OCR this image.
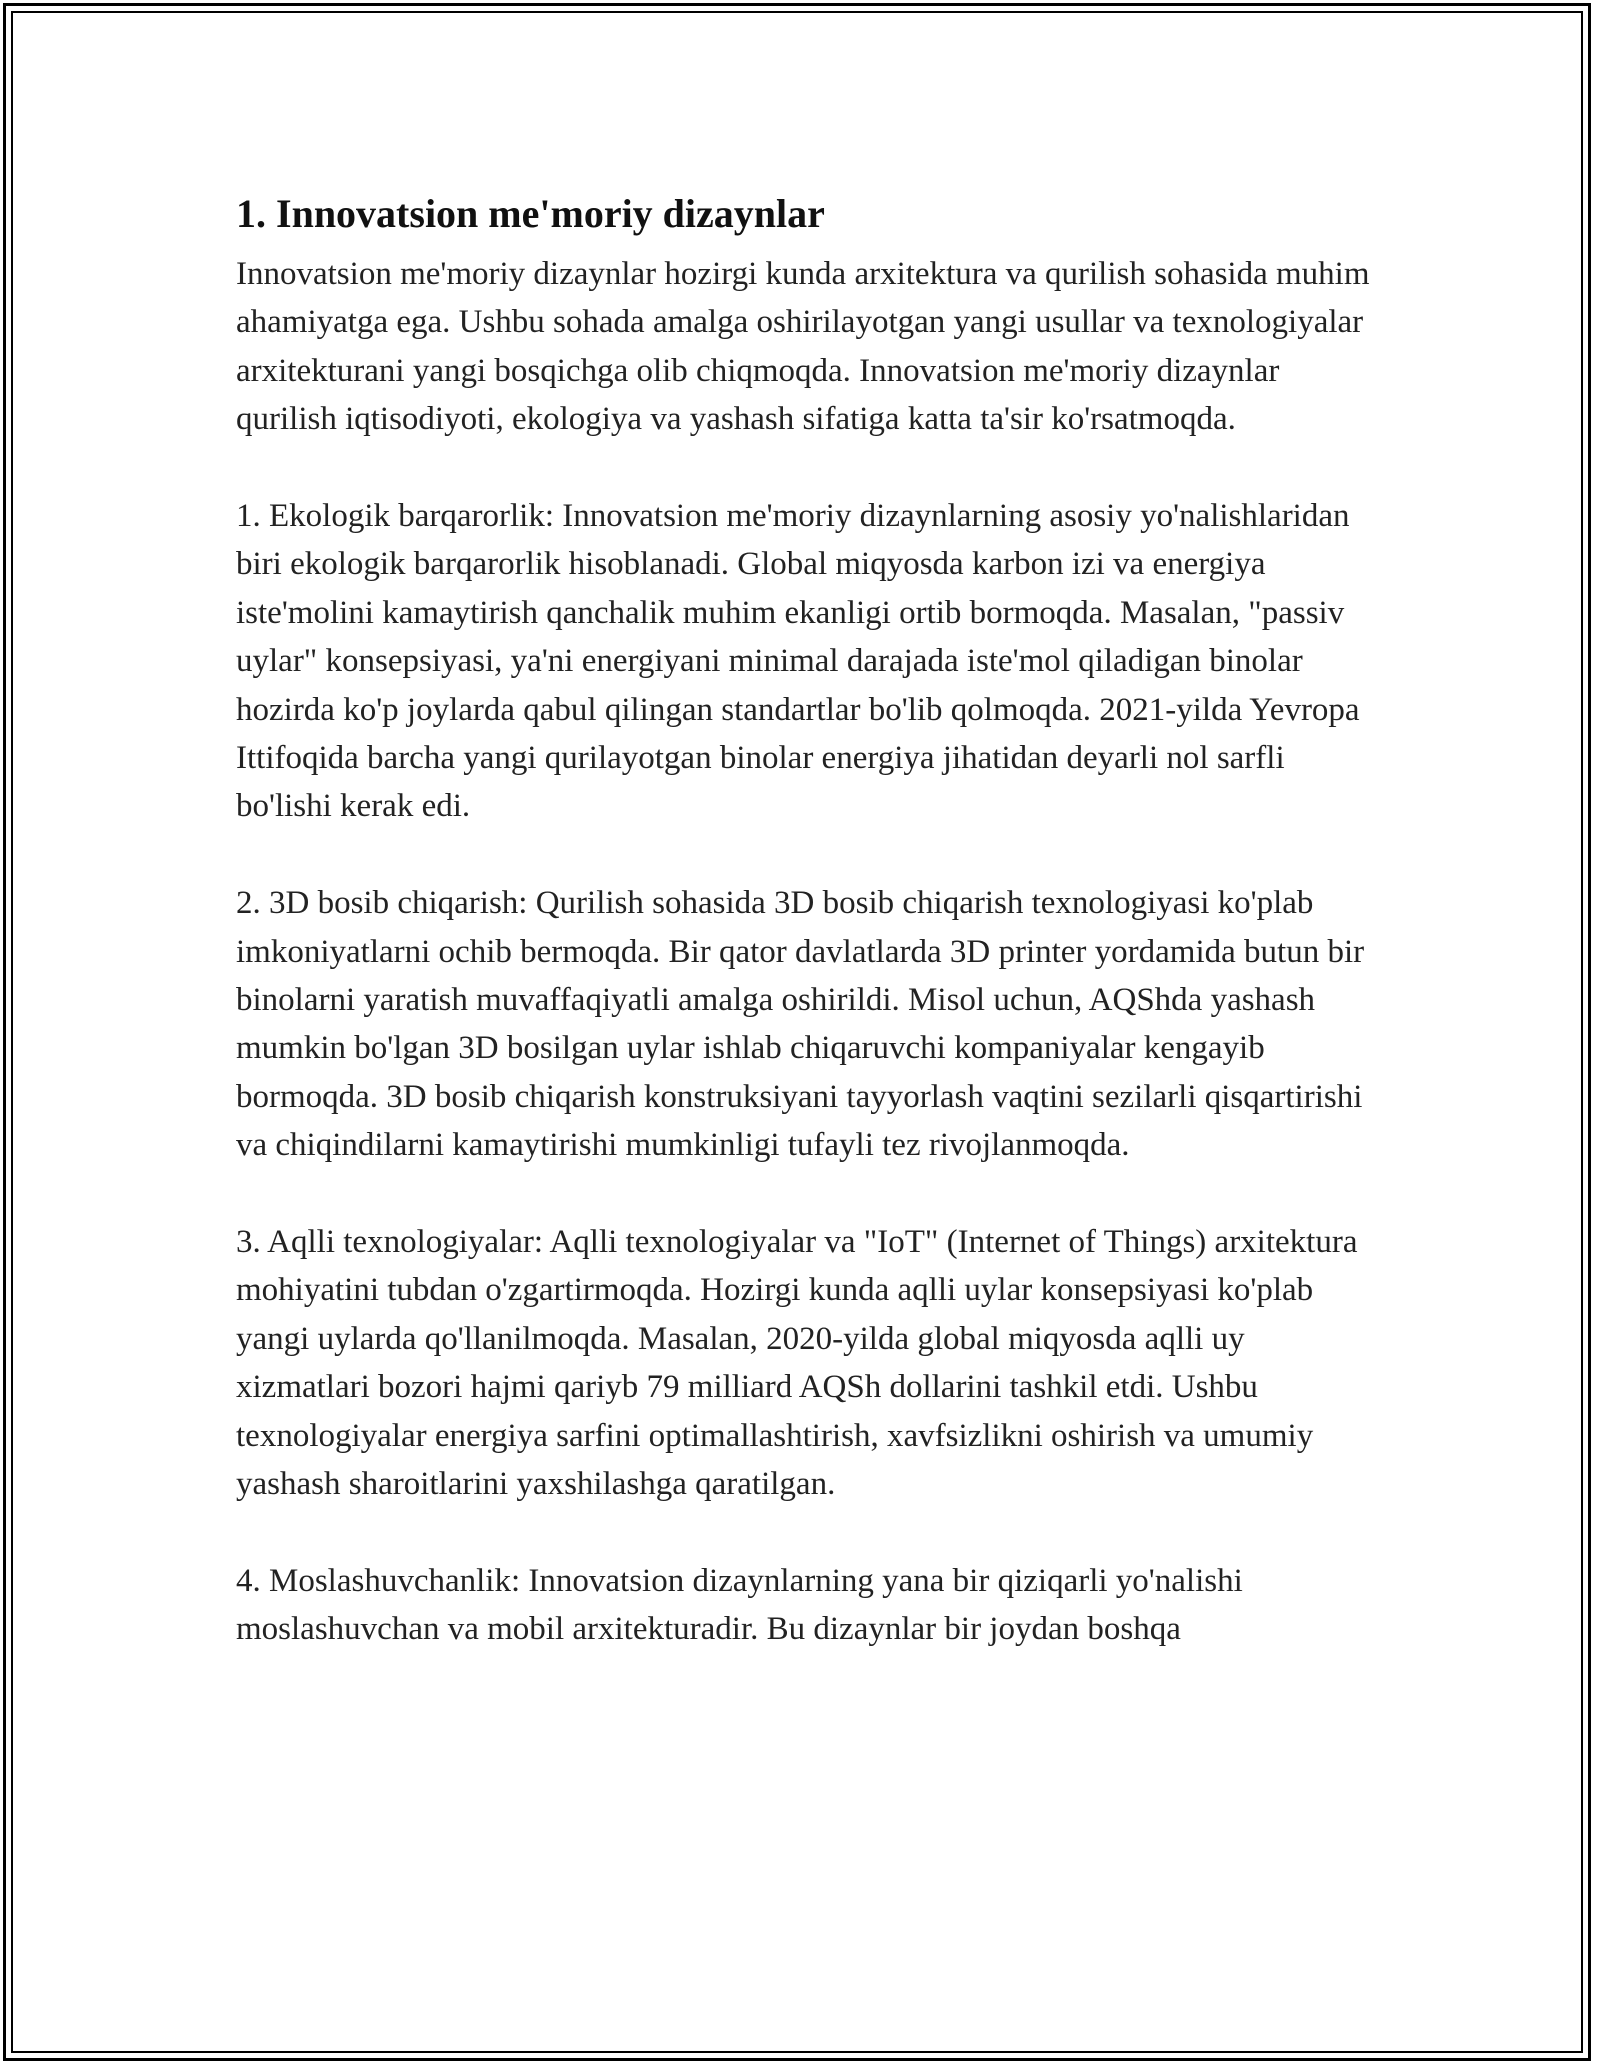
1. Innovatsion me'moriy dizaynlar

Innovatsion me'moriy dizaynlar hozirgi kunda arxitektura va qurilish sohasida muhim ahamiyatga ega. Ushbu sohada amalga oshirilayotgan yangi usullar va texnologiyalar arxitekturani yangi bosqichga olib chiqmoqda. Innovatsion me'moriy dizaynlar qurilish iqtisodiyoti, ekologiya va yashash sifatiga katta ta'sir ko'rsatmoqda.

1. Ekologik barqarorlik: Innovatsion me'moriy dizaynlarning asosiy yo'nalishlaridan biri ekologik barqarorlik hisoblanadi. Global miqyosda karbon izi va energiya iste'molini kamaytirish qanchalik muhim ekanligi ortib bormoqda. Masalan, "passiv uylar" konsepsiyasi, ya'ni energiyani minimal darajada iste'mol qiladigan binolar hozirda ko'p joylarda qabul qilingan standartlar bo'lib qolmoqda. 2021-yilda Yevropa Ittifoqida barcha yangi qurilayotgan binolar energiya jihatidan deyarli nol sarfli bo'lishi kerak edi.

2. 3D bosib chiqarish: Qurilish sohasida 3D bosib chiqarish texnologiyasi ko'plab imkoniyatlarni ochib bermoqda. Bir qator davlatlarda 3D printer yordamida butun bir binolarni yaratish muvaffaqiyatli amalga oshirildi. Misol uchun, AQShda yashash mumkin bo'lgan 3D bosilgan uylar ishlab chiqaruvchi kompaniyalar kengayib bormoqda. 3D bosib chiqarish konstruksiyani tayyorlash vaqtini sezilarli qisqartirishi va chiqindilarni kamaytirishi mumkinligi tufayli tez rivojlanmoqda.

3. Aqlli texnologiyalar: Aqlli texnologiyalar va "IoT" (Internet of Things) arxitektura mohiyatini tubdan o'zgartirmoqda. Hozirgi kunda aqlli uylar konsepsiyasi ko'plab yangi uylarda qo'llanilmoqda. Masalan, 2020-yilda global miqyosda aqlli uy xizmatlari bozori hajmi qariyb 79 milliard AQSh dollarini tashkil etdi. Ushbu texnologiyalar energiya sarfini optimallashtirish, xavfsizlikni oshirish va umumiy yashash sharoitlarini yaxshilashga qaratilgan.

4. Moslashuvchanlik: Innovatsion dizaynlarning yana bir qiziqarli yo'nalishi moslashuvchan va mobil arxitekturadir. Bu dizaynlar bir joydan boshqa
